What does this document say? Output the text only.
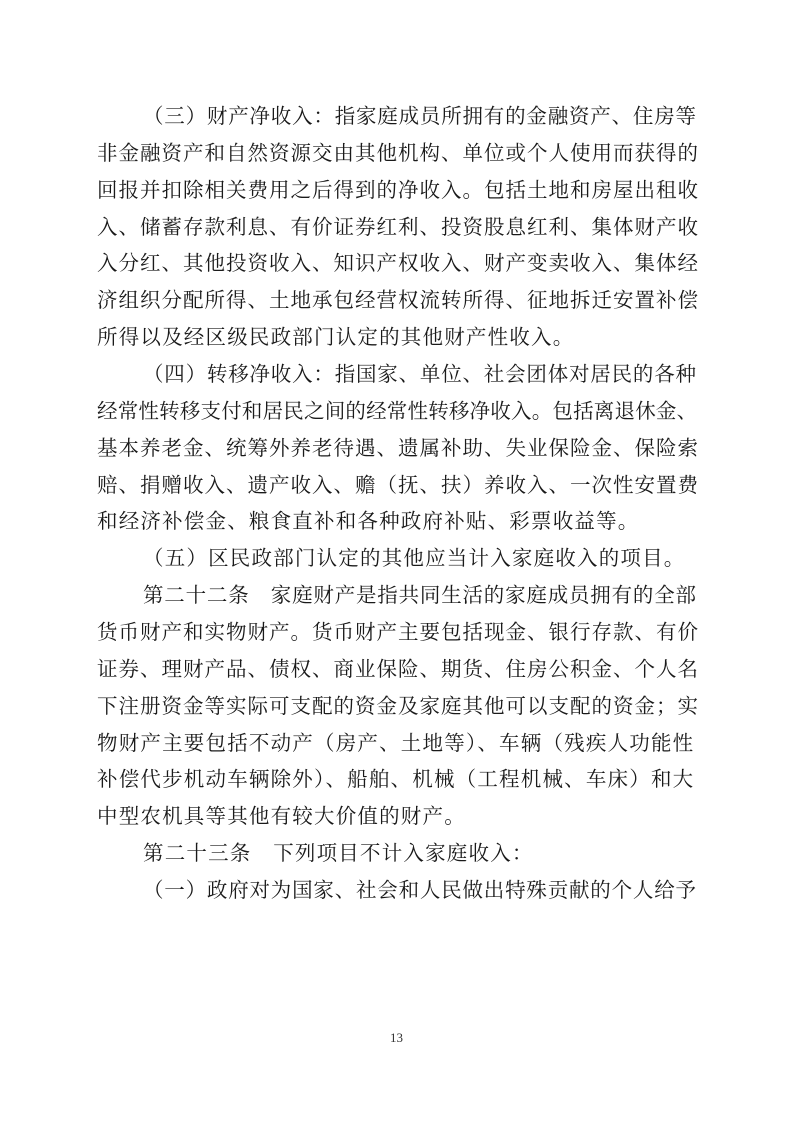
（三）财产净收入：指家庭成员所拥有的金融资产、住房等
非金融资产和自然资源交由其他机构、单位或个人使用而获得的
回报并扣除相关费用之后得到的净收入。包括土地和房屋出租收
入、储蓄存款利息、有价证券红利、投资股息红利、集体财产收
入分红、其他投资收入、知识产权收入、财产变卖收入、集体经
济组织分配所得、土地承包经营权流转所得、征地拆迁安置补偿
所得以及经区级民政部门认定的其他财产性收入。
（四）转移净收入：指国家、单位、社会团体对居民的各种
经常性转移支付和居民之间的经常性转移净收入。包括离退休金、
基本养老金、统筹外养老待遇、遗属补助、失业保险金、保险索
赔、捐赠收入、遗产收入、赡（抚、扶）养收入、一次性安置费
和经济补偿金、粮食直补和各种政府补贴、彩票收益等。
（五）区民政部门认定的其他应当计入家庭收入的项目。
第二十二条　家庭财产是指共同生活的家庭成员拥有的全部
货币财产和实物财产。货币财产主要包括现金、银行存款、有价
证券、理财产品、债权、商业保险、期货、住房公积金、个人名
下注册资金等实际可支配的资金及家庭其他可以支配的资金；实
物财产主要包括不动产（房产、土地等）、车辆（残疾人功能性
补偿代步机动车辆除外）、船舶、机械（工程机械、车床）和大
中型农机具等其他有较大价值的财产。
第二十三条　下列项目不计入家庭收入：
（一）政府对为国家、社会和人民做出特殊贡献的个人给予
13
